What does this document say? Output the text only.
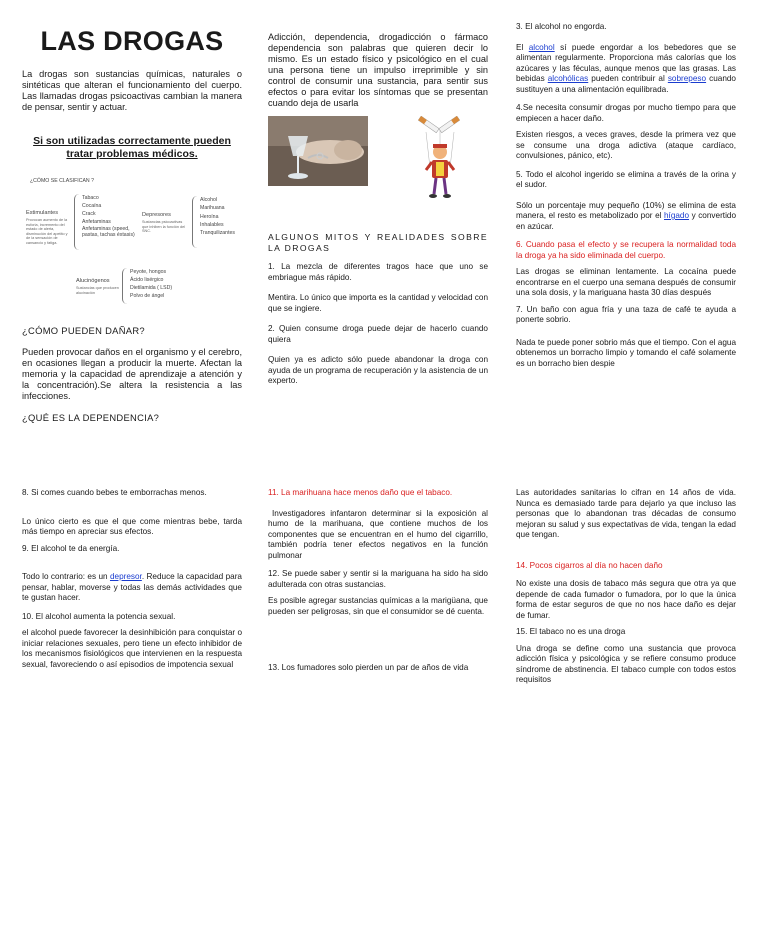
LAS DROGAS

La drogas son sustancias químicas, naturales o sintéticas que alteran el funcionamiento del cuerpo. Las llamadas drogas psicoactivas cambian la manera de pensar, sentir y actuar.

Si son utilizadas correctamente pueden tratar problemas médicos.

¿CÓMO SE CLASIFICAN ?
Estimulantes
Provocan aumento de la euforia, incremento del estado de alerta, disminución del apetito y de la sensación de cansancio y fatiga.
Tabaco
Cocaína
Crack
Anfetaminas
Anfetaminas (speed, pastas, tachas éxtasis)
Depresores
Sustancias psicoactivas que inhiben la función del SNC.
Alcohol
Marihuana
Heroína
Inhalables
Tranquilizantes
Alucinógenos
Sustancias que producen alucinación
Peyote, hongos
Ácido lisérgico
Dietilamida ( LSD)
Polvo de ángel

¿CÓMO PUEDEN DAÑAR?

Pueden provocar daños en el organismo y el cerebro, en ocasiones llegan a producir la muerte. Afectan la memoria y la capacidad de aprendizaje a atención y la concentración).Se altera la resistencia a las infecciones.

¿QUÉ ES LA DEPENDENCIA?

Adicción, dependencia, drogadicción o fármaco dependencia son palabras que quieren decir lo mismo. Es un estado físico y psicológico en el cual una persona tiene un impulso irreprimible y sin control de consumir una sustancia, para sentir sus efectos o para evitar los síntomas que se presentan cuando deja de usarla

ALGUNOS MITOS Y REALIDADES SOBRE LA DROGAS

1. La mezcla de diferentes tragos hace que uno se embriague más rápido.

Mentira. Lo único que importa es la cantidad y velocidad con que se ingiere.

2. Quien consume droga puede dejar de hacerlo cuando quiera

Quien ya es adicto sólo puede abandonar la droga con ayuda de un programa de recuperación y la asistencia de un experto.

3. El alcohol no engorda.

El alcohol sí puede engordar a los bebedores que se alimentan regularmente. Proporciona más calorías que los azúcares y las féculas, aunque menos que las grasas. Las bebidas alcohólicas pueden contribuir al sobrepeso cuando sustituyen a una alimentación equilibrada.

4.Se necesita consumir drogas por mucho tiempo para que empiecen a hacer daño.

Existen riesgos, a veces graves, desde la primera vez que se consume una droga adictiva (ataque cardíaco, convulsiones, pánico, etc).

5. Todo el alcohol ingerido se elimina a través de la orina y el sudor.

Sólo un porcentaje muy pequeño (10%) se elimina de esta manera, el resto es metabolizado por el hígado y convertido en azúcar.

6. Cuando pasa el efecto y se recupera la normalidad toda la droga ya ha sido eliminada del cuerpo.

Las drogas se eliminan lentamente. La cocaína puede encontrarse en el cuerpo una semana después de consumir una sola dosis, y la mariguana hasta 30 días después

7. Un baño con agua fría y una taza de café te ayuda a ponerte sobrio.

Nada te puede poner sobrio más que el tiempo. Con el agua obtenemos un borracho limpio y tomando el café solamente es un borracho bien despie

8. Si comes cuando bebes te emborrachas menos.

Lo único cierto es que el que come mientras bebe, tarda más tiempo en apreciar sus efectos.

9. El alcohol te da energía.

Todo lo contrario: es un depresor. Reduce la capacidad para pensar, hablar, moverse y todas las demás actividades que te gustan hacer.

10. El alcohol aumenta la potencia sexual.

el alcohol puede favorecer la desinhibición para conquistar o iniciar relaciones sexuales, pero tiene un efecto inhibidor de los mecanismos fisiológicos que intervienen en la respuesta sexual, favoreciendo o así episodios de impotencia sexual

11. La marihuana hace menos daño que el tabaco.

Investigadores infantaron determinar si la exposición al humo de la marihuana, que contiene muchos de los componentes que se encuentran en el humo del cigarrillo, también podría tener efectos negativos en la función pulmonar

12. Se puede saber y sentir si la mariguana ha sido ha sido adulterada con otras sustancias.

Es posible agregar sustancias químicas a la marigüana, que pueden ser peligrosas, sin que el consumidor se dé cuenta.

13. Los fumadores solo pierden un par de años de vida

Las autoridades sanitarias lo cifran en 14 años de vida. Nunca es demasiado tarde para dejarlo ya que incluso las personas que lo abandonan tras décadas de consumo mejoran su salud y sus expectativas de vida, tengan la edad que tengan.

14. Pocos cigarros al día no hacen daño

No existe una dosis de tabaco más segura que otra ya que depende de cada fumador o fumadora, por lo que la única forma de estar seguros de que no nos hace daño es dejar de fumar.

15. El tabaco no es una droga

Una droga se define como una sustancia que provoca adicción física y psicológica y se refiere consumo produce síndrome de abstinencia. El tabaco cumple con todos estos requisitos
